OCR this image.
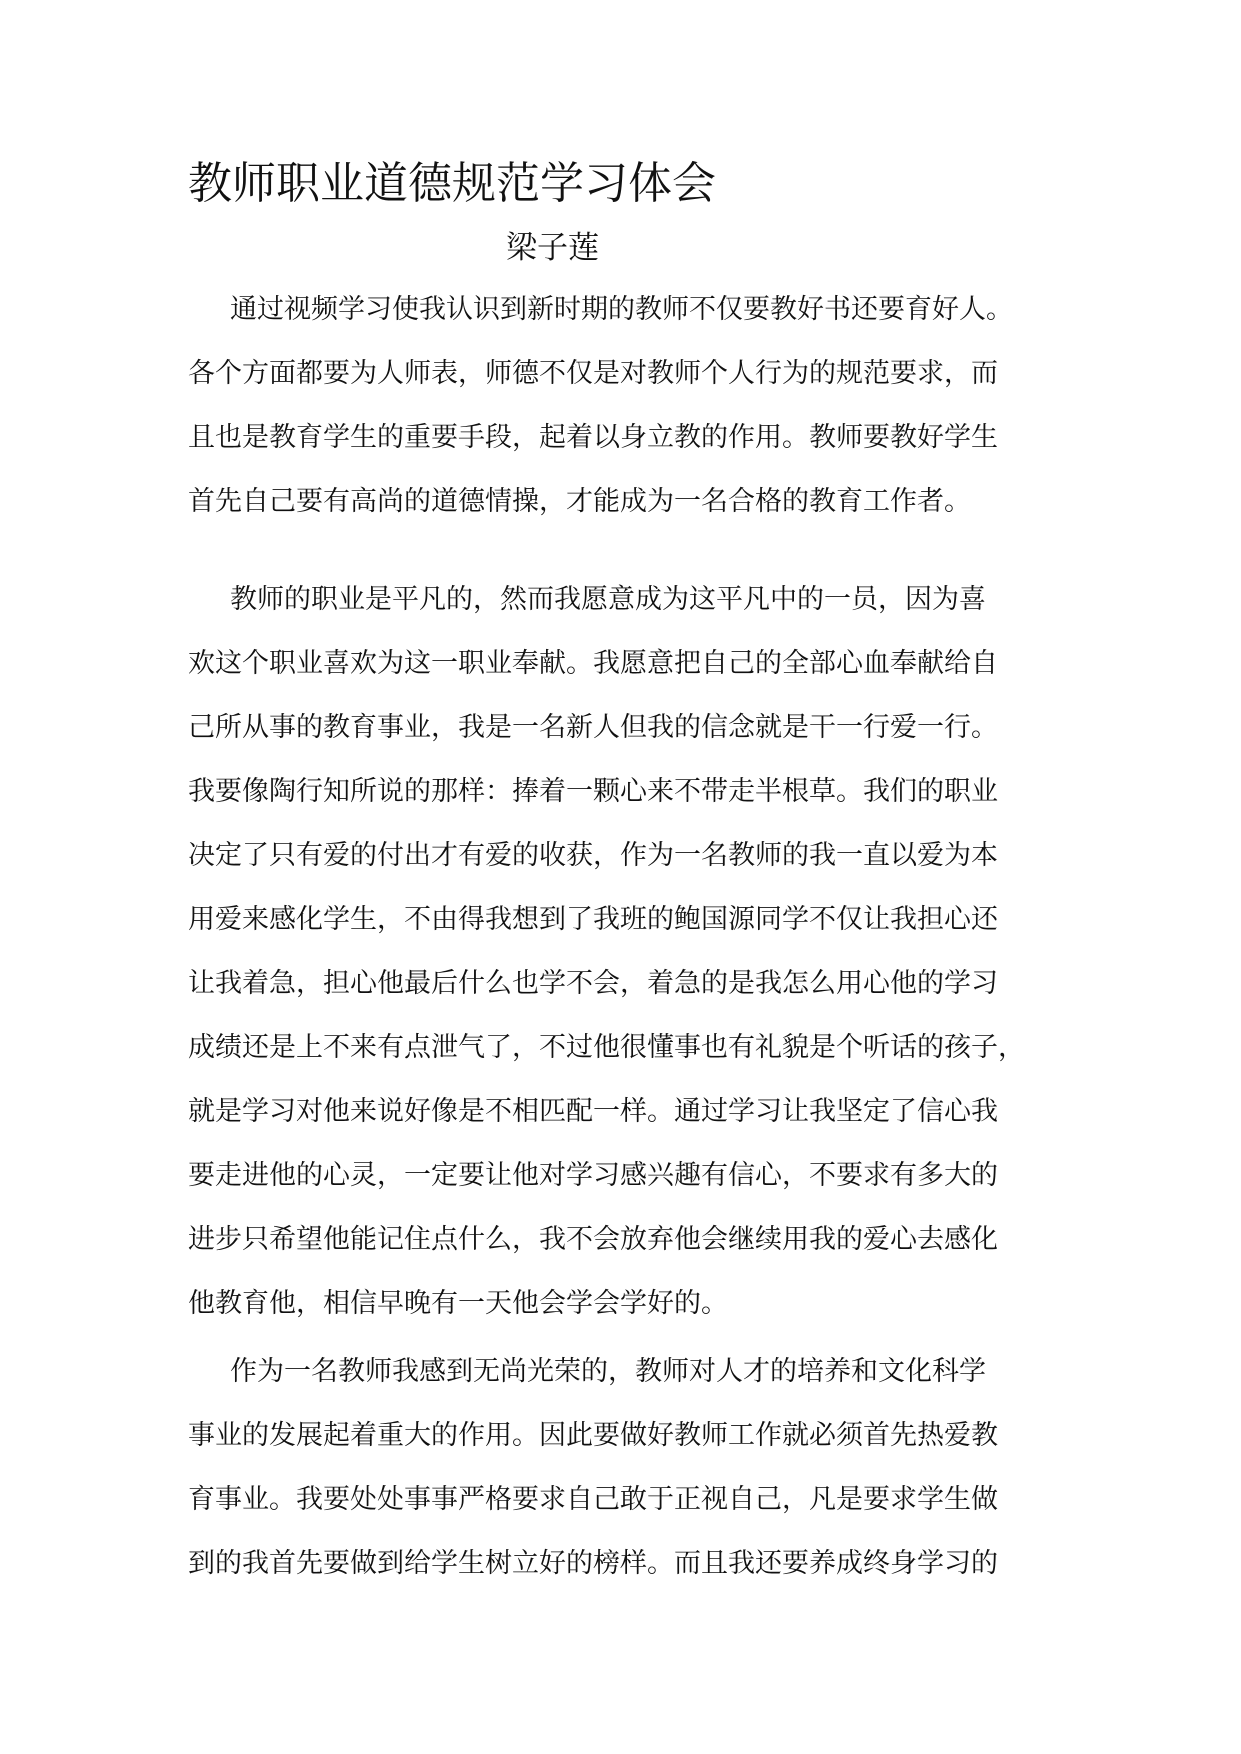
教师职业道德规范学习体会
梁子莲

通过视频学习使我认识到新时期的教师不仅要教好书还要育好人。

各个方面都要为人师表，师德不仅是对教师个人行为的规范要求，而

且也是教育学生的重要手段，起着以身立教的作用。教师要教好学生

首先自己要有高尚的道德情操，才能成为一名合格的教育工作者。

教师的职业是平凡的，然而我愿意成为这平凡中的一员，因为喜

欢这个职业喜欢为这一职业奉献。我愿意把自己的全部心血奉献给自

己所从事的教育事业，我是一名新人但我的信念就是干一行爱一行。

我要像陶行知所说的那样：捧着一颗心来不带走半根草。我们的职业

决定了只有爱的付出才有爱的收获，作为一名教师的我一直以爱为本

用爱来感化学生，不由得我想到了我班的鲍国源同学不仅让我担心还

让我着急，担心他最后什么也学不会，着急的是我怎么用心他的学习

成绩还是上不来有点泄气了，不过他很懂事也有礼貌是个听话的孩子，

就是学习对他来说好像是不相匹配一样。通过学习让我坚定了信心我

要走进他的心灵，一定要让他对学习感兴趣有信心，不要求有多大的

进步只希望他能记住点什么，我不会放弃他会继续用我的爱心去感化

他教育他，相信早晚有一天他会学会学好的。

作为一名教师我感到无尚光荣的，教师对人才的培养和文化科学

事业的发展起着重大的作用。因此要做好教师工作就必须首先热爱教

育事业。我要处处事事严格要求自己敢于正视自己，凡是要求学生做

到的我首先要做到给学生树立好的榜样。而且我还要养成终身学习的
